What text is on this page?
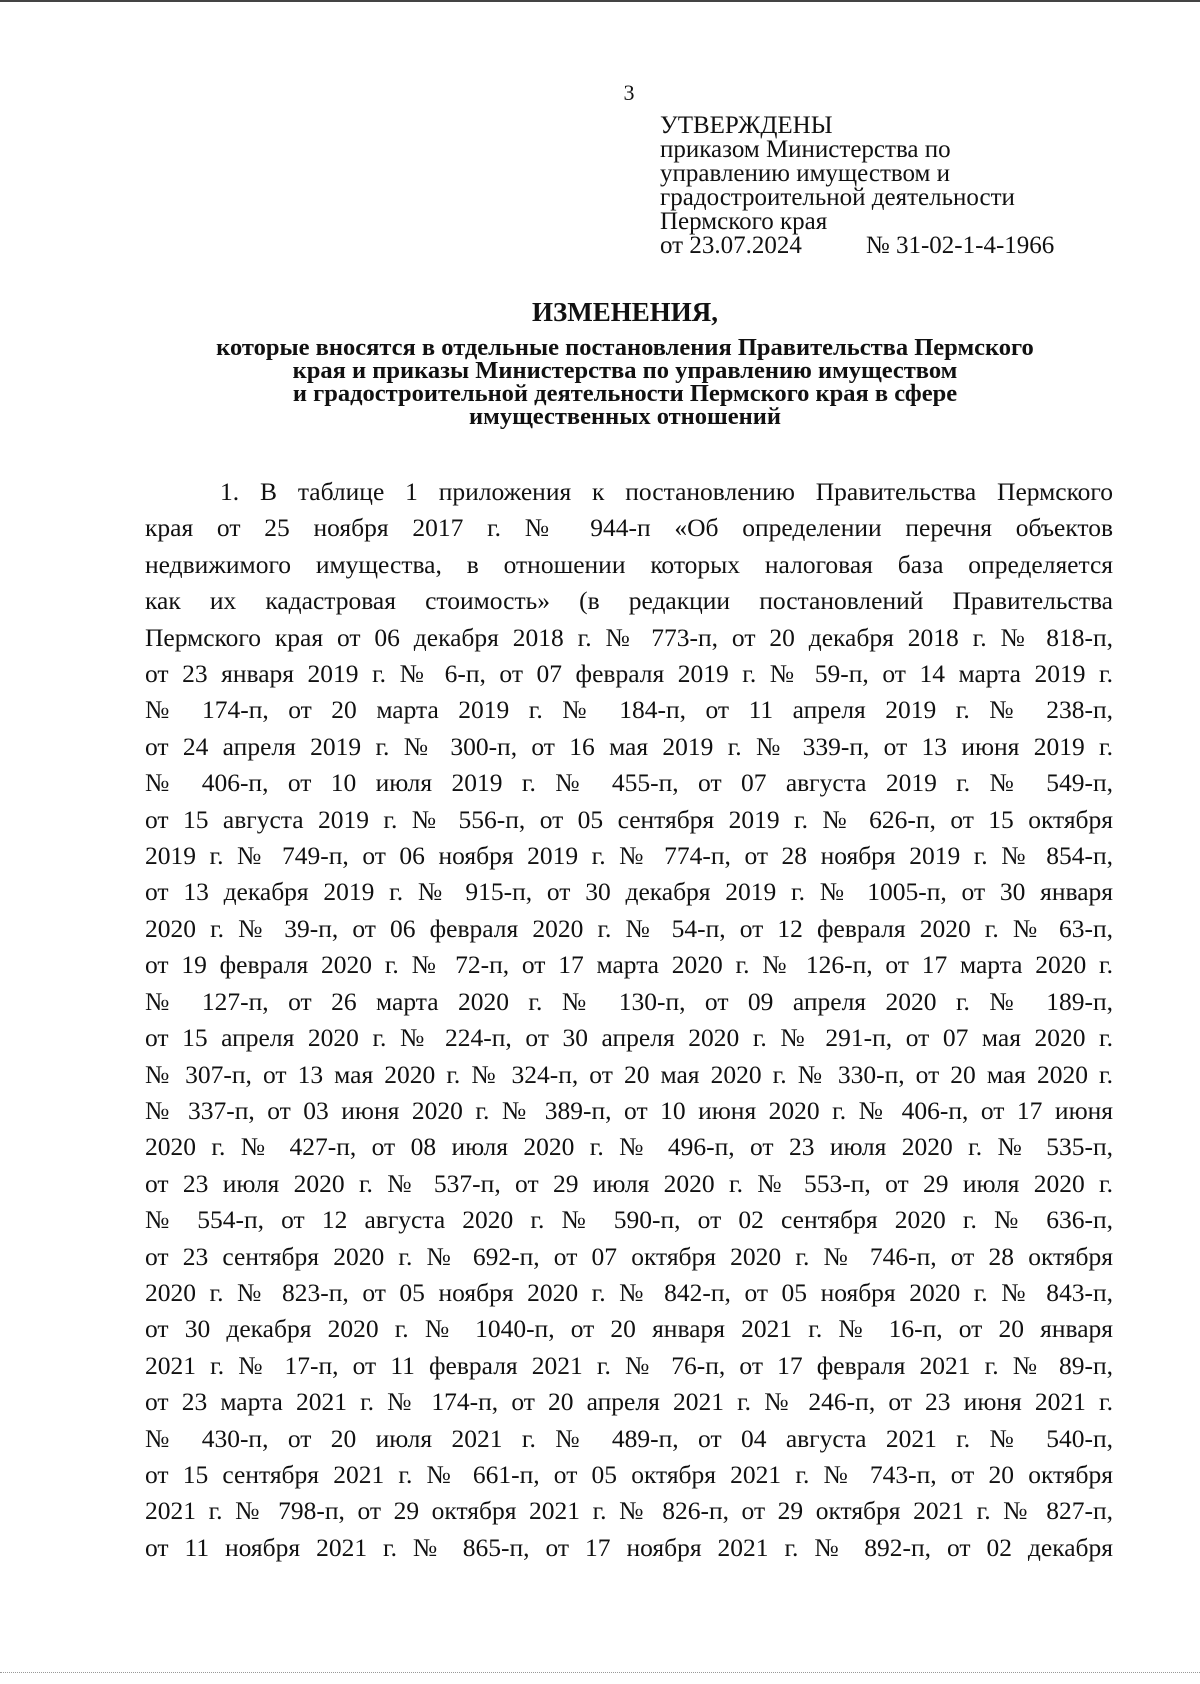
3
УТВЕРЖДЕНЫ
приказом Министерства по
управлению имуществом и
градостроительной деятельности
Пермского края
от 23.07.2024	№ 31-02-1-4-1966
ИЗМЕНЕНИЯ,
которые вносятся в отдельные постановления Правительства Пермского
края и приказы Министерства по управлению имуществом
и градостроительной деятельности Пермского края в сфере
имущественных отношений
1. В таблице 1 приложения к постановлению Правительства Пермского
края от 25 ноября 2017 г. № 944-п «Об определении перечня объектов
недвижимого имущества, в отношении которых налоговая база определяется
как их кадастровая стоимость» (в редакции постановлений Правительства
Пермского края от 06 декабря 2018 г. № 773-п, от 20 декабря 2018 г. № 818-п,
от 23 января 2019 г. № 6-п, от 07 февраля 2019 г. № 59-п, от 14 марта 2019 г.
№ 174-п, от 20 марта 2019 г. № 184-п, от 11 апреля 2019 г. № 238-п,
от 24 апреля 2019 г. № 300-п, от 16 мая 2019 г. № 339-п, от 13 июня 2019 г.
№ 406-п, от 10 июля 2019 г. № 455-п, от 07 августа 2019 г. № 549-п,
от 15 августа 2019 г. № 556-п, от 05 сентября 2019 г. № 626-п, от 15 октября
2019 г. № 749-п, от 06 ноября 2019 г. № 774-п, от 28 ноября 2019 г. № 854-п,
от 13 декабря 2019 г. № 915-п, от 30 декабря 2019 г. № 1005-п, от 30 января
2020 г. № 39-п, от 06 февраля 2020 г. № 54-п, от 12 февраля 2020 г. № 63-п,
от 19 февраля 2020 г. № 72-п, от 17 марта 2020 г. № 126-п, от 17 марта 2020 г.
№ 127-п, от 26 марта 2020 г. № 130-п, от 09 апреля 2020 г. № 189-п,
от 15 апреля 2020 г. № 224-п, от 30 апреля 2020 г. № 291-п, от 07 мая 2020 г.
№ 307-п, от 13 мая 2020 г. № 324-п, от 20 мая 2020 г. № 330-п, от 20 мая 2020 г.
№ 337-п, от 03 июня 2020 г. № 389-п, от 10 июня 2020 г. № 406-п, от 17 июня
2020 г. № 427-п, от 08 июля 2020 г. № 496-п, от 23 июля 2020 г. № 535-п,
от 23 июля 2020 г. № 537-п, от 29 июля 2020 г. № 553-п, от 29 июля 2020 г.
№ 554-п, от 12 августа 2020 г. № 590-п, от 02 сентября 2020 г. № 636-п,
от 23 сентября 2020 г. № 692-п, от 07 октября 2020 г. № 746-п, от 28 октября
2020 г. № 823-п, от 05 ноября 2020 г. № 842-п, от 05 ноября 2020 г. № 843-п,
от 30 декабря 2020 г. № 1040-п, от 20 января 2021 г. № 16-п, от 20 января
2021 г. № 17-п, от 11 февраля 2021 г. № 76-п, от 17 февраля 2021 г. № 89-п,
от 23 марта 2021 г. № 174-п, от 20 апреля 2021 г. № 246-п, от 23 июня 2021 г.
№ 430-п, от 20 июля 2021 г. № 489-п, от 04 августа 2021 г. № 540-п,
от 15 сентября 2021 г. № 661-п, от 05 октября 2021 г. № 743-п, от 20 октября
2021 г. № 798-п, от 29 октября 2021 г. № 826-п, от 29 октября 2021 г. № 827-п,
от 11 ноября 2021 г. № 865-п, от 17 ноября 2021 г. № 892-п, от 02 декабря
